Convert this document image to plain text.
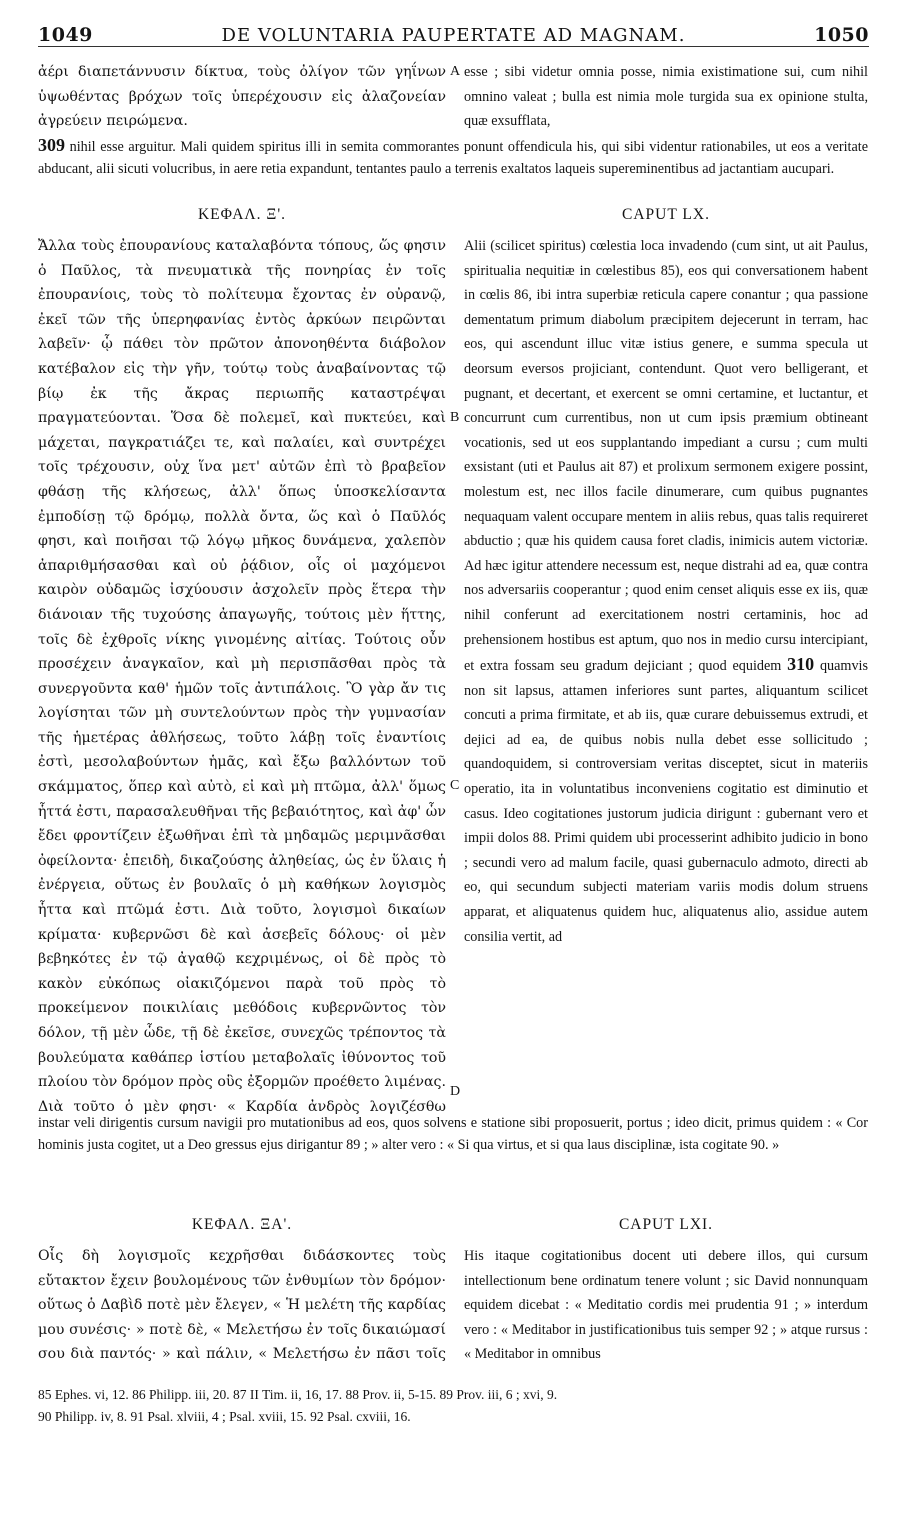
1049	DE VOLUNTARIA PAUPERTATE AD MAGNAM.	1050

ἀέρι διαπετάννυσιν δίκτυα, τοὺς ὀλίγον τῶν γηΐνων ὑψωθέντας βρόχων τοῖς ὑπερέχουσιν εἰς ἀλαζονείαν ἀγρεύειν πειρώμενα.

A esse ; sibi videtur omnia posse, nimia existimatione sui, cum nihil omnino valeat ; bulla est nimia mole turgida sua ex opinione stulta, quæ exsufflata,

309 nihil esse arguitur. Mali quidem spiritus illi in semita commorantes ponunt offendicula his, qui sibi videntur rationabiles, ut eos a veritate abducant, alii sicuti volucribus, in aere retia expandunt, tentantes paulo a terrenis exaltatos laqueis supereminentibus ad jactantiam aucupari.

ΚΕΦΑΛ. Ξ'.	CAPUT LX.

Ἄλλα τοὺς ἐπουρανίους καταλαβόντα τόπους, ὥς φησιν ὁ Παῦλος, τὰ πνευματικὰ τῆς πονηρίας ἐν τοῖς ἐπουρανίοις, τοὺς τὸ πολίτευμα ἔχοντας ἐν οὐρανῷ, ἐκεῖ τῶν τῆς ὑπερηφανίας ἐντὸς ἀρκύων πειρῶνται λαβεῖν· ᾧ πάθει τὸν πρῶτον ἀπονοηθέντα διάβολον κατέβαλον εἰς τὴν γῆν, τούτῳ τοὺς ἀναβαίνοντας τῷ βίῳ ἐκ τῆς ἄκρας περιωπῆς καταστρέψαι πραγματεύονται. Ὅσα δὲ πολεμεῖ, καὶ πυκτεύει, καὶ μάχεται, παγκρατιάζει τε, καὶ παλαίει, καὶ συντρέχει τοῖς τρέχουσιν, οὐχ ἵνα μετ' αὐτῶν ἐπὶ τὸ βραβεῖον φθάσῃ τῆς κλήσεως, ἀλλ' ὅπως ὑποσκελίσαντα ἐμποδίσῃ τῷ δρόμῳ, πολλὰ ὄντα, ὥς καὶ ὁ Παῦλός φησι, καὶ ποιῆσαι τῷ λόγῳ μῆκος δυνάμενα, χαλεπὸν ἀπαριθμήσασθαι καὶ οὐ ῥᾴδιον, οἷς οἱ μαχόμενοι καιρὸν οὐδαμῶς ἰσχύουσιν ἀσχολεῖν πρὸς ἕτερα τὴν διάνοιαν τῆς τυχούσης ἀπαγωγῆς, τούτοις μὲν ἥττης, τοῖς δὲ ἐχθροῖς νίκης γινομένης αἰτίας. Τούτοις οὖν προσέχειν ἀναγκαῖον, καὶ μὴ περισπᾶσθαι πρὸς τὰ συνεργοῦντα καθ' ἡμῶν τοῖς ἀντιπάλοις. Ὃ γὰρ ἄν τις λογίσηται τῶν μὴ συντελούντων πρὸς τὴν γυμνασίαν τῆς ἡμετέρας ἀθλήσεως, τοῦτο λάβῃ τοῖς ἐναντίοις ἐστὶ, μεσολαβούντων ἡμᾶς, καὶ ἔξω βαλλόντων τοῦ σκάμματος, ὅπερ καὶ αὐτὸ, εἰ καὶ μὴ πτῶμα, ἀλλ' ὅμως ἧττά ἐστι, παρασαλευθῆναι τῆς βεβαιότητος, καὶ ἀφ' ὧν ἔδει φροντίζειν ἐξωθῆναι ἐπὶ τὰ μηδαμῶς μεριμνᾶσθαι ὀφείλοντα· ἐπειδὴ, δικαζούσης ἀληθείας, ὡς ἐν ὕλαις ἡ ἐνέργεια, οὕτως ἐν βουλαῖς ὁ μὴ καθήκων λογισμὸς ἧττα καὶ πτῶμά ἐστι. Διὰ τοῦτο, λογισμοὶ δικαίων κρίματα· κυβερνῶσι δὲ καὶ ἀσεβεῖς δόλους· οἱ μὲν βεβηκότες ἐν τῷ ἀγαθῷ κεχριμένως, οἱ δὲ πρὸς τὸ κακὸν εὐκόπως οἰακιζόμενοι παρὰ τοῦ πρὸς τὸ προκείμενον ποικιλίαις μεθόδοις κυβερνῶντος τὸν δόλον, τῇ μὲν ὧδε, τῇ δὲ ἐκεῖσε, συνεχῶς τρέποντος τὰ βουλεύματα καθάπερ ἱστίου μεταβολαῖς ἰθύνοντος τοῦ πλοίου τὸν δρόμον πρὸς οὓς ἐξορμῶν προέθετο λιμένας. Διὰ τοῦτο ὁ μὲν φησι· « Καρδία ἀνδρὸς λογιζέσθω

B
C
D

Alii (scilicet spiritus) cœlestia loca invadendo (cum sint, ut ait Paulus, spiritualia nequitiæ in cœlestibus 85), eos qui conversationem habent in cœlis 86, ibi intra superbiæ reticula capere conantur ; qua passione dementatum primum diabolum præcipitem dejecerunt in terram, hac eos, qui ascendunt illuc vitæ istius genere, e summa specula ut deorsum eversos projiciant, contendunt. Quot vero belligerant, et pugnant, et decertant, et exercent se omni certamine, et luctantur, et concurrunt cum currentibus, non ut cum ipsis præmium obtineant vocationis, sed ut eos supplantando impediant a cursu ; cum multi exsistant (uti et Paulus ait 87) et prolixum sermonem exigere possint, molestum est, nec illos facile dinumerare, cum quibus pugnantes nequaquam valent occupare mentem in aliis rebus, quas talis requireret abductio ; quæ his quidem causa foret cladis, inimicis autem victoriæ. Ad hæc igitur attendere necessum est, neque distrahi ad ea, quæ contra nos adversariis cooperantur ; quod enim censet aliquis esse ex iis, quæ nihil conferunt ad exercitationem nostri certaminis, hoc ad prehensionem hostibus est aptum, quo nos in medio cursu intercipiant, et extra fossam seu gradum dejiciant ; quod equidem 310 quamvis non sit lapsus, attamen inferiores sunt partes, aliquantum scilicet concuti a prima firmitate, et ab iis, quæ curare debuissemus extrudi, et dejici ad ea, de quibus nobis nulla debet esse sollicitudo ; quandoquidem, si controversiam veritas disceptet, sicut in materiis operatio, ita in voluntatibus inconveniens cogitatio est diminutio et casus. Ideo cogitationes justorum judicia dirigunt : gubernant vero et impii dolos 88. Primi quidem ubi processerint adhibito judicio in bono ; secundi vero ad malum facile, quasi gubernaculo admoto, directi ab eo, qui secundum subjecti materiam variis modis dolum struens apparat, et aliquatenus quidem huc, aliquatenus alio, assidue autem consilia vertit, ad

instar veli dirigentis cursum navigii pro mutationibus ad eos, quos solvens e statione sibi proposuerit, portus ; ideo dicit, primus quidem : « Cor hominis justa cogitet, ut a Deo gressus ejus dirigantur 89 ; » alter vero : « Si qua virtus, et si qua laus disciplinæ, ista cogitate 90. »

ΚΕΦΑΛ. ΞΑ'.	CAPUT LXI.

Οἷς δὴ λογισμοῖς κεχρῆσθαι διδάσκοντες τοὺς εὔτακτον ἔχειν βουλομένους τῶν ἐνθυμίων τὸν δρόμον· οὕτως ὁ Δαβὶδ ποτὲ μὲν ἔλεγεν, « Ἡ μελέτη τῆς καρδίας μου συνέσις· » ποτὲ δὲ, « Μελετήσω ἐν τοῖς δικαιώμασί σου διὰ παντός· » καὶ πάλιν, « Μελετήσω ἐν πᾶσι τοῖς

His itaque cogitationibus docent uti debere illos, qui cursum intellectionum bene ordinatum tenere volunt ; sic David nonnunquam equidem dicebat : « Meditatio cordis mei prudentia 91 ; » interdum vero : « Meditabor in justificationibus tuis semper 92 ; » atque rursus : « Meditabor in omnibus

85 Ephes. vi, 12. 86 Philipp. iii, 20. 87 II Tim. ii, 16, 17. 88 Prov. ii, 5-15. 89 Prov. iii, 6 ; xvi, 9.
90 Philipp. iv, 8. 91 Psal. xlviii, 4 ; Psal. xviii, 15. 92 Psal. cxviii, 16.
